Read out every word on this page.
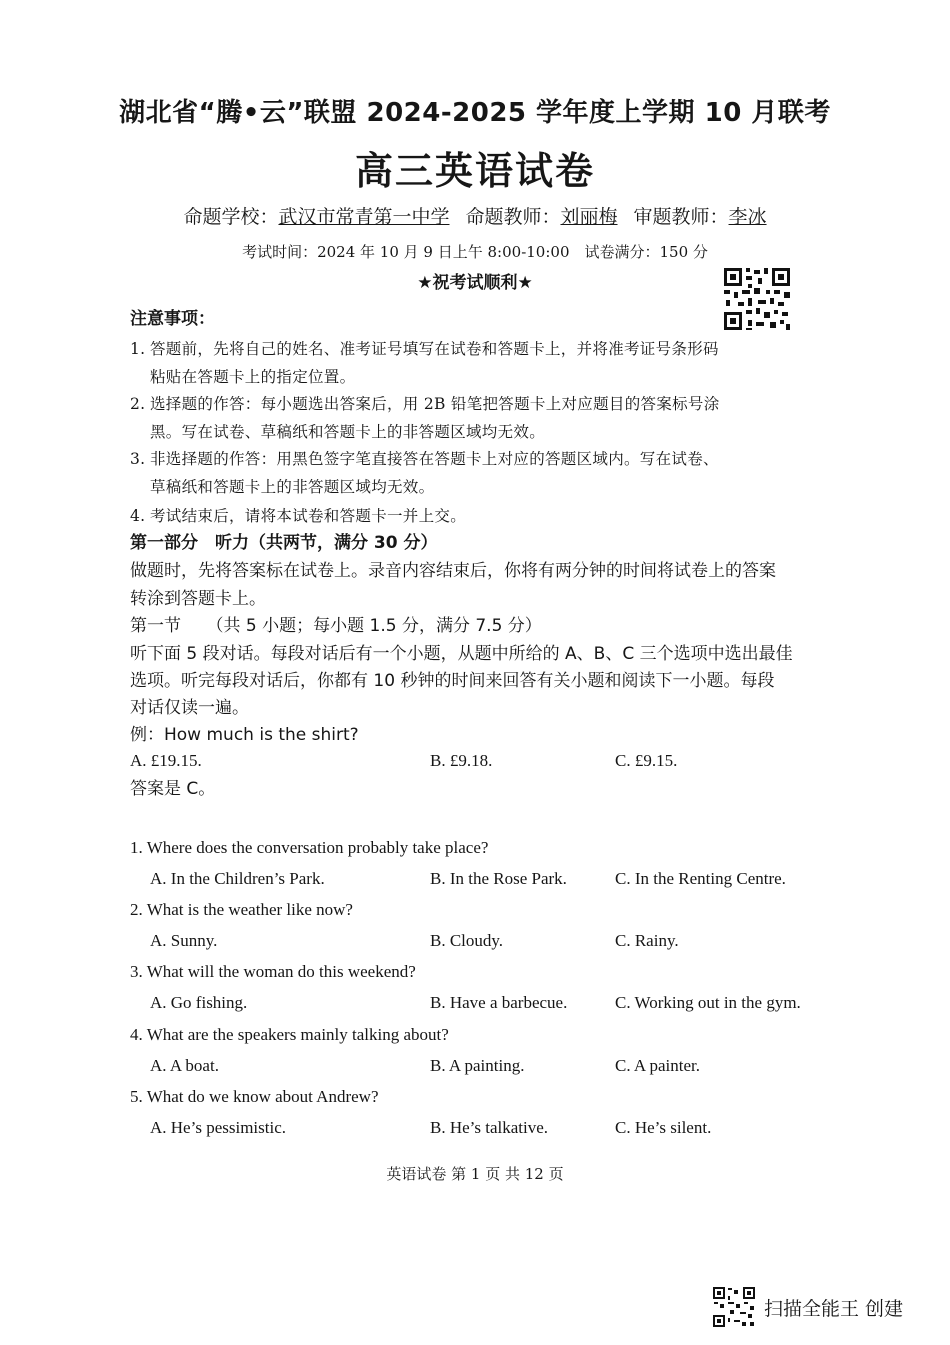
湖北省“腾•云”联盟 2024-2025 学年度上学期 10 月联考
高三英语试卷
命题学校：武汉市常青第一中学 命题教师：刘丽梅 审题教师：李冰
考试时间：2024 年 10 月 9 日上午 8:00-10:00　试卷满分：150 分
★祝考试顺利★
注意事项：
1. 答题前，先将自己的姓名、准考证号填写在试卷和答题卡上，并将准考证号条形码
粘贴在答题卡上的指定位置。
2. 选择题的作答：每小题选出答案后，用 2B 铅笔把答题卡上对应题目的答案标号涂
黑。写在试卷、草稿纸和答题卡上的非答题区域均无效。
3. 非选择题的作答：用黑色签字笔直接答在答题卡上对应的答题区域内。写在试卷、
草稿纸和答题卡上的非答题区域均无效。
4. 考试结束后，请将本试卷和答题卡一并上交。
第一部分　听力（共两节，满分 30 分）
做题时，先将答案标在试卷上。录音内容结束后，你将有两分钟的时间将试卷上的答案
转涂到答题卡上。
第一节　　（共 5 小题；每小题 1.5 分，满分 7.5 分）
听下面 5 段对话。每段对话后有一个小题，从题中所给的 A、B、C 三个选项中选出最佳
选项。听完每段对话后，你都有 10 秒钟的时间来回答有关小题和阅读下一小题。每段
对话仅读一遍。
例：How much is the shirt?
A. £19.15.	B. £9.18.	C. £9.15.
答案是 C。
1. Where does the conversation probably take place?
A. In the Children’s Park.	B. In the Rose Park.	C. In the Renting Centre.
2. What is the weather like now?
A. Sunny.	B. Cloudy.	C. Rainy.
3. What will the woman do this weekend?
A. Go fishing.	B. Have a barbecue.	C. Working out in the gym.
4. What are the speakers mainly talking about?
A. A boat.	B. A painting.	C. A painter.
5. What do we know about Andrew?
A. He’s pessimistic.	B. He’s talkative.	C. He’s silent.
英语试卷 第 1 页 共 12 页
扫描全能王 创建
